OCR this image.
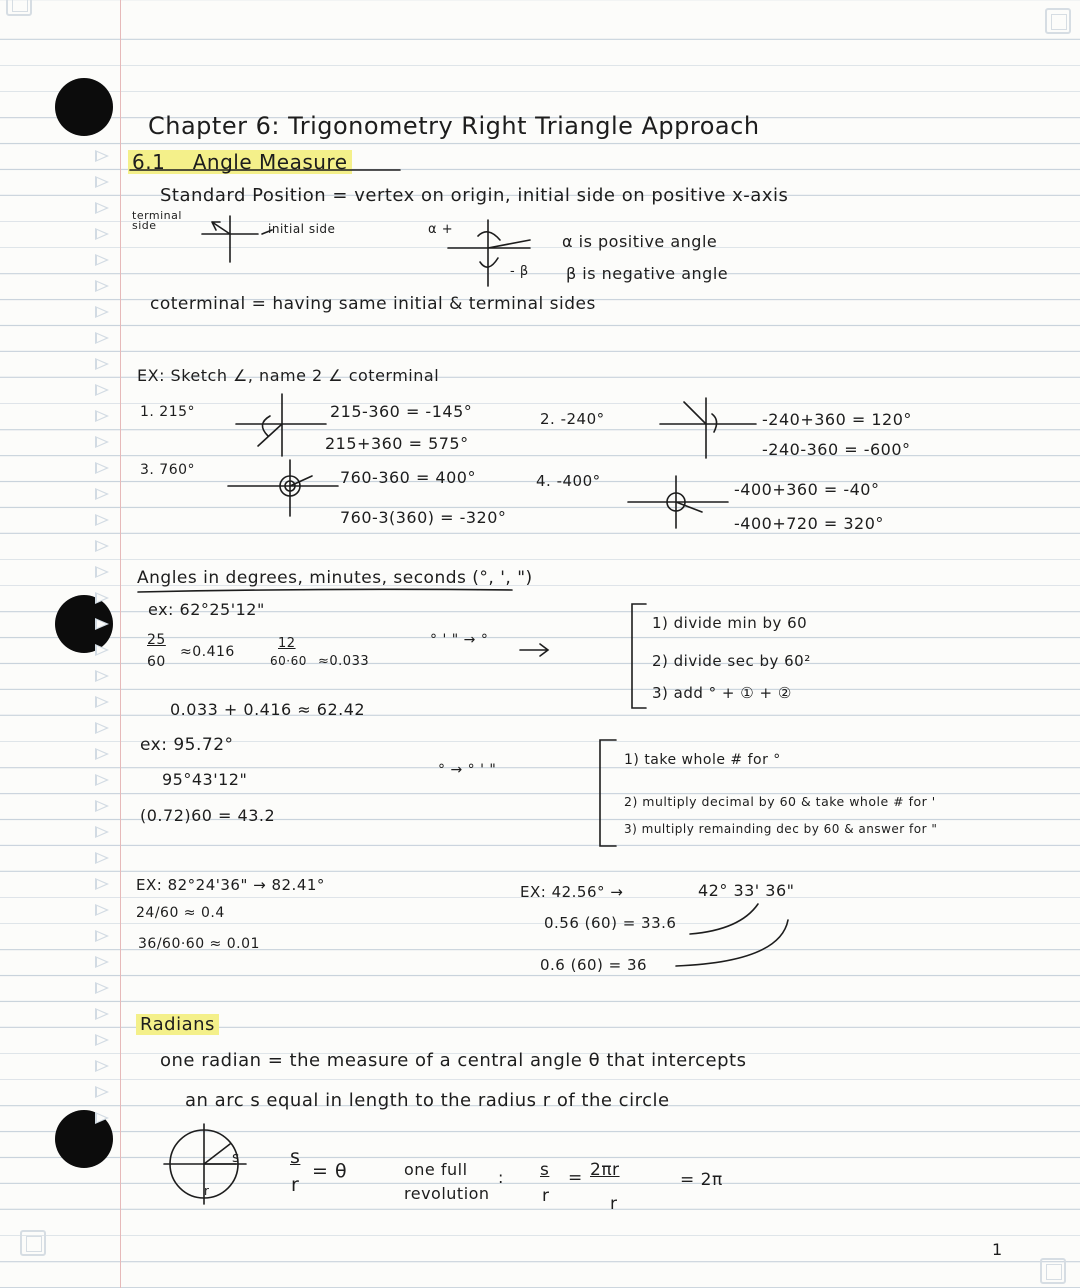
Chapter 6: Trigonometry Right Triangle Approach
6.1 Angle Measure
Standard Position = vertex on origin, initial side on positive x-axis
terminal side	initial side	α +
- β
α is positive angle
β is negative angle
coterminal = having same initial & terminal sides
EX: Sketch ∠, name 2 ∠ coterminal
1. 215°	215-360 = -145°
215+360 = 575°
2. -240°	-240+360 = 120°
-240-360 = -600°
3. 760°	760-360 = 400°
760-3(360) = -320°
4. -400°	-400+360 = -40°
-400+720 = 320°
Angles in degrees, minutes, seconds (°, ', ")
ex: 62°25'12"
° ' " → °
25
60
≈0.416
12
60·60 ≈0.033
0.033 + 0.416 ≈ 62.42
1) divide min by 60
2) divide sec by 60²
3) add ° + ① + ②
ex: 95.72°
95°43'12"
(0.72)60 = 43.2
° → ° ' "
1) take whole # for °
2) multiply decimal by 60 & take whole # for '
3) multiply remainding dec by 60 & answer for "
EX: 82°24'36" → 82.41°
24/60 ≈ 0.4
36/60·60 ≈ 0.01
EX: 42.56° →	42° 33' 36"
0.56 (60) = 33.6
0.6 (60) = 36
Radians
one radian = the measure of a central angle θ that intercepts
an arc s equal in length to the radius r of the circle
s
r
s
r
= θ	one full
revolution
: s
r
= 2πr
r
= 2π
1
